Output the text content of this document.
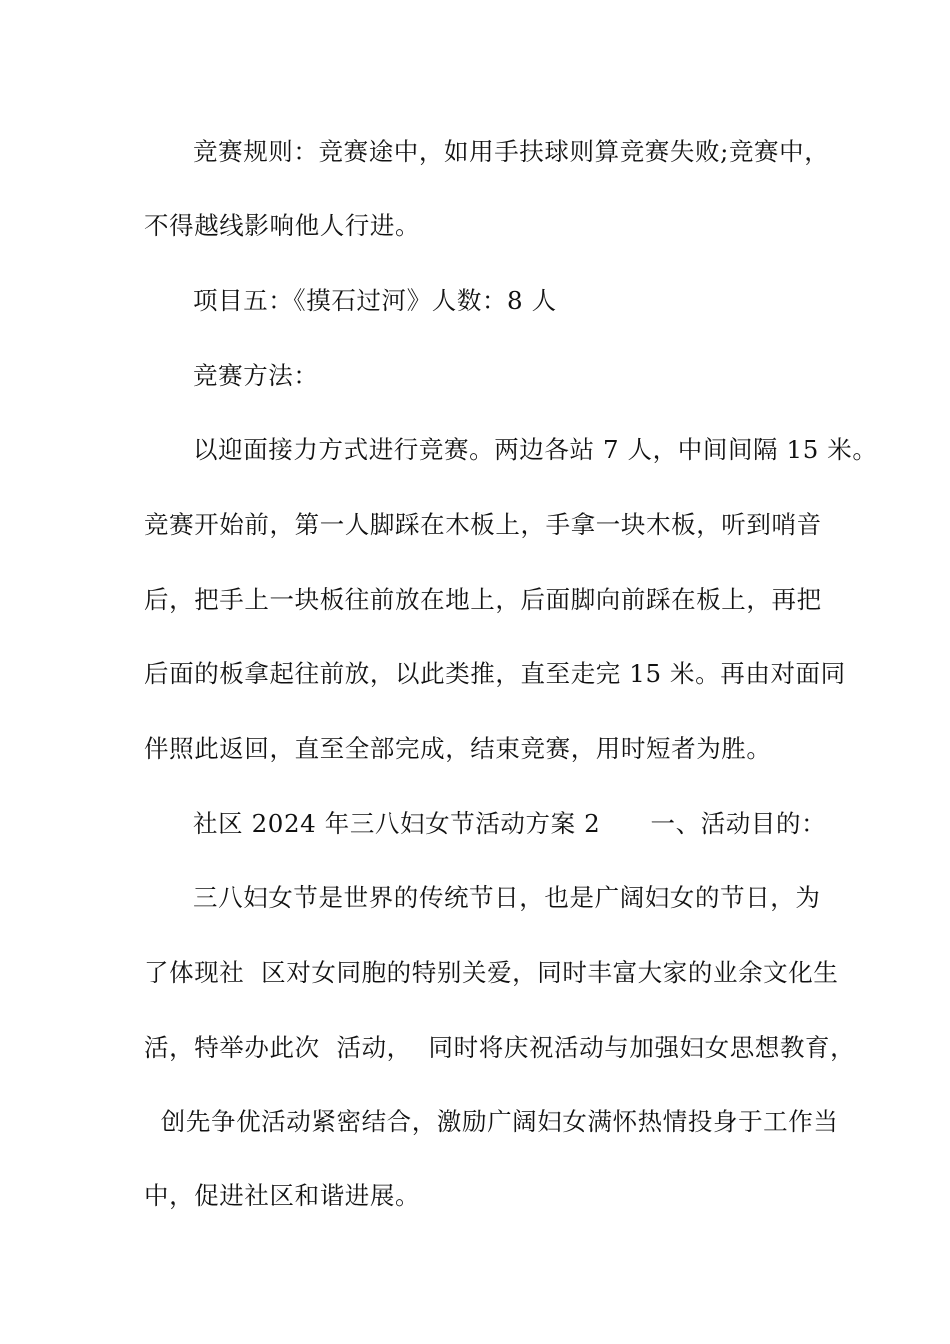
竞赛规则：竞赛途中，如用手扶球则算竞赛失败;竞赛中，
不得越线影响他人行进。
项目五：《摸石过河》人数：8 人
竞赛方法：
以迎面接力方式进行竞赛。两边各站 7 人，中间间隔 15 米。
竞赛开始前，第一人脚踩在木板上，手拿一块木板，听到哨音
后，把手上一块板往前放在地上，后面脚向前踩在板上，再把
后面的板拿起往前放，以此类推，直至走完 15 米。再由对面同
伴照此返回，直至全部完成，结束竞赛，用时短者为胜。
社区 2024 年三八妇女节活动方案 2　　一、活动目的：
三八妇女节是世界的传统节日，也是广阔妇女的节日，为
了体现社  区对女同胞的特别关爱，同时丰富大家的业余文化生
活，特举办此次  活动，  同时将庆祝活动与加强妇女思想教育，
创先争优活动紧密结合，激励广阔妇女满怀热情投身于工作当
中，促进社区和谐进展。
